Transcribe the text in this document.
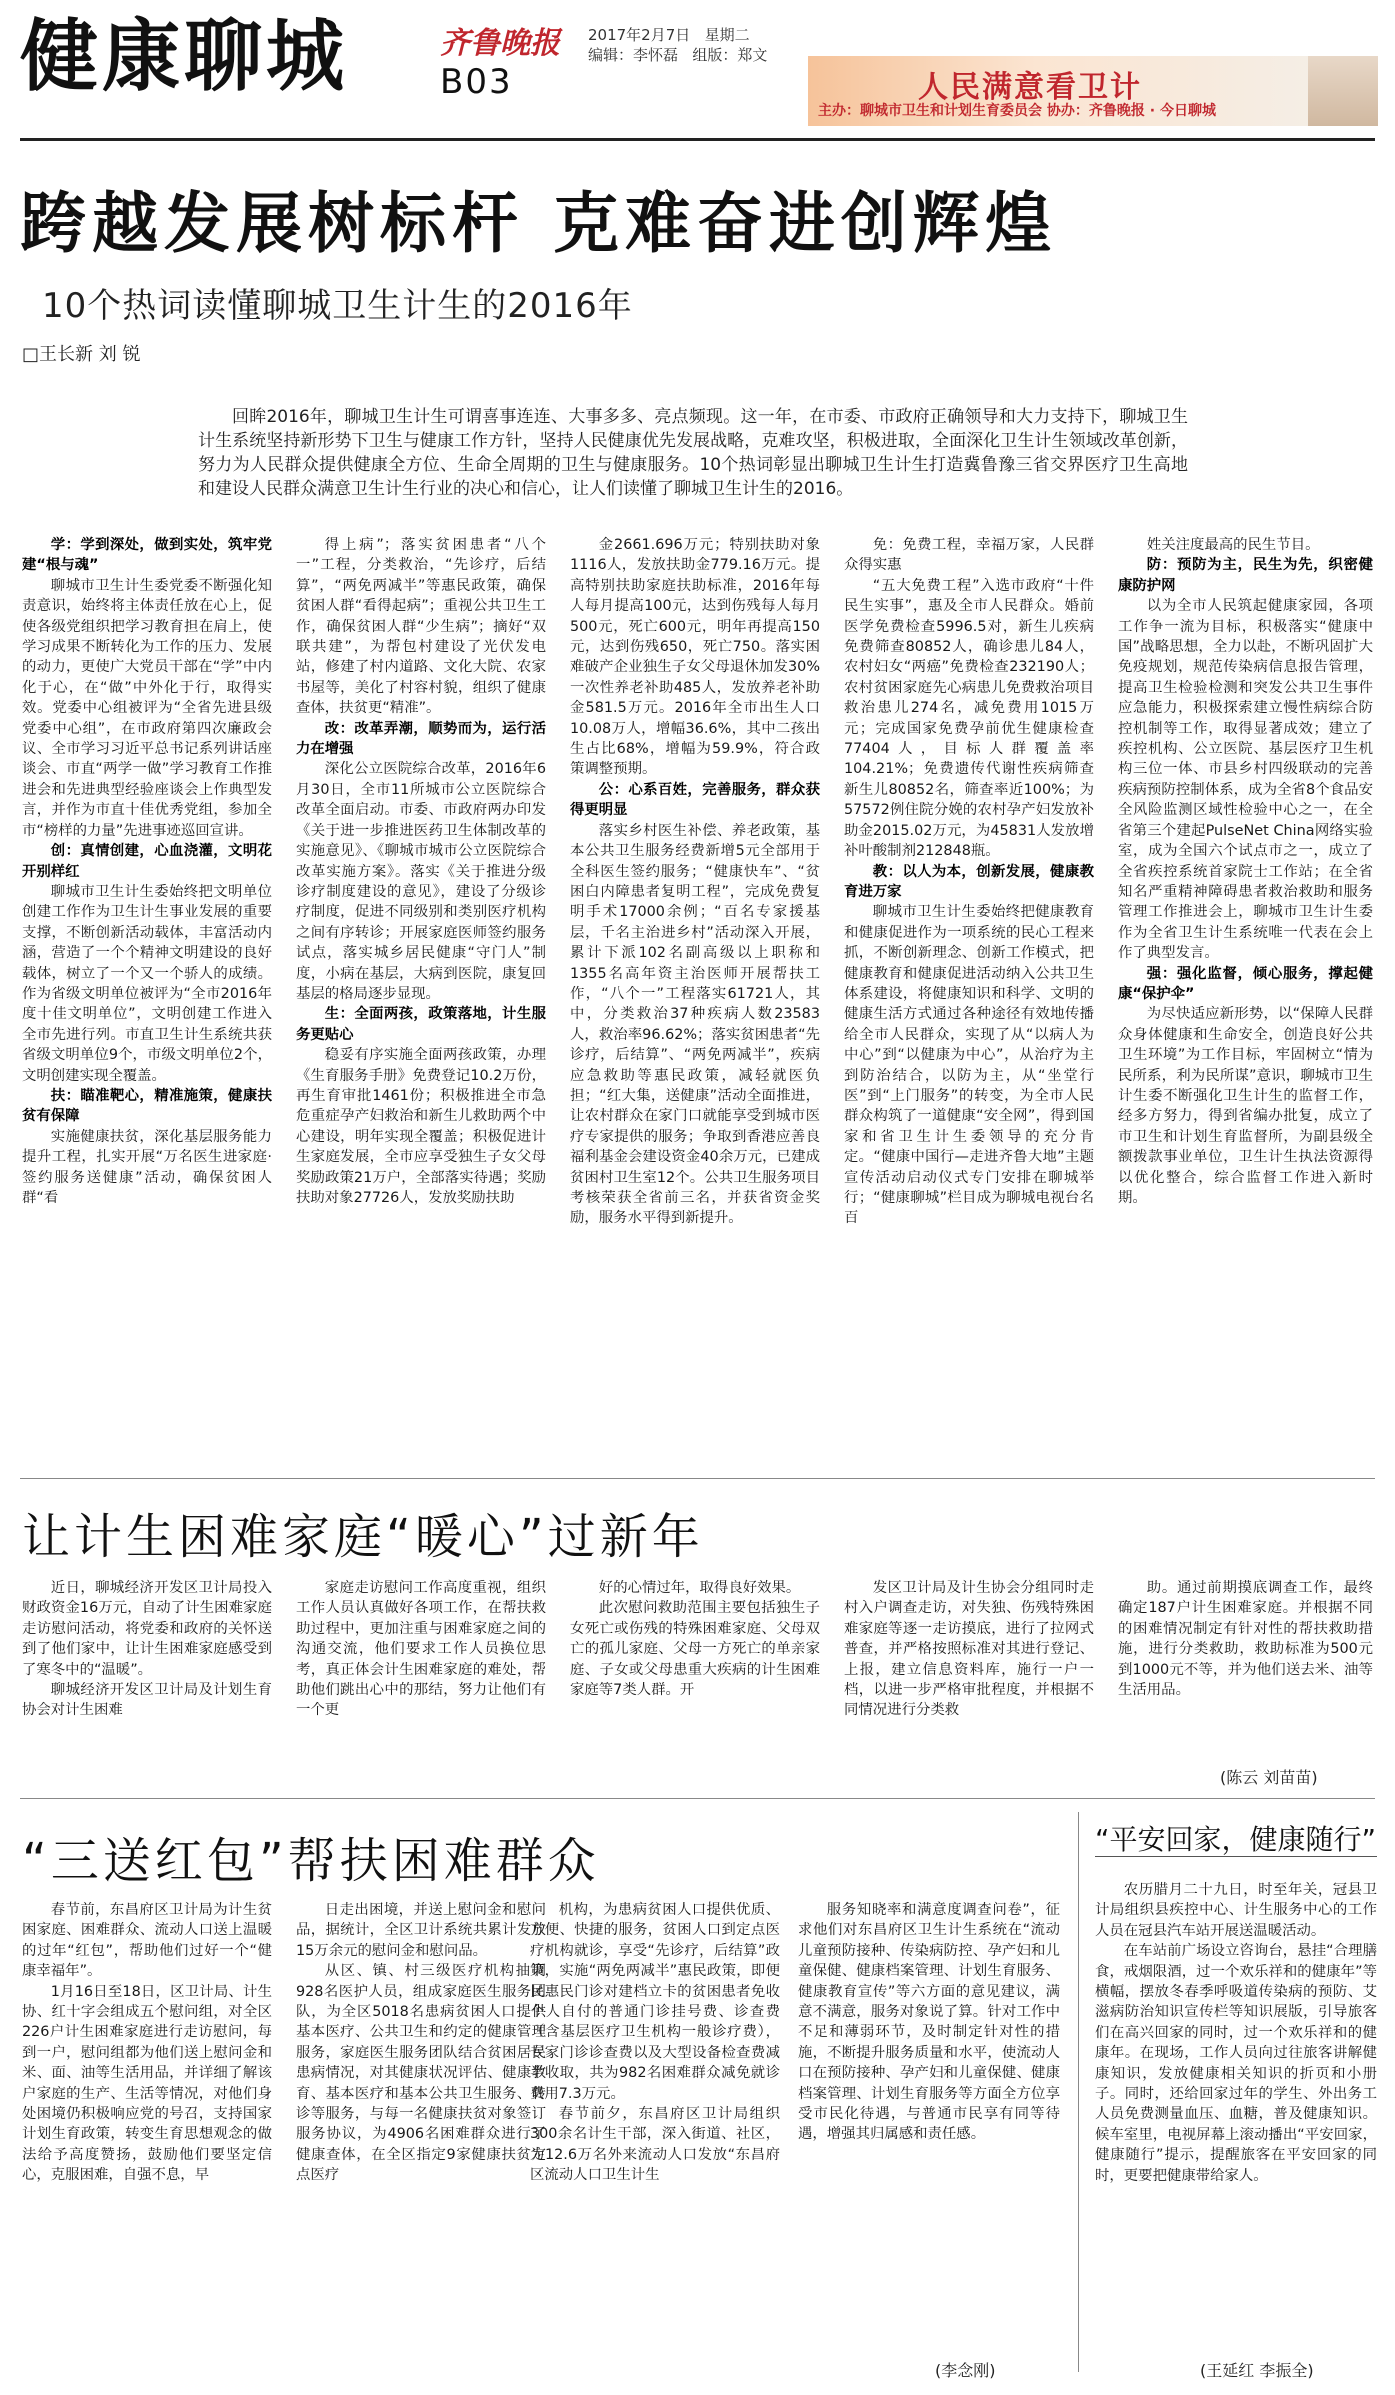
健康聊城	齐鲁晚报
B03
2017年2月7日 星期二
编辑：李怀磊 组版：郑文
人民满意看卫计
主办：聊城市卫生和计划生育委员会 协办：齐鲁晚报 · 今日聊城
跨越发展树标杆 克难奋进创辉煌
10个热词读懂聊城卫生计生的2016年
□王长新 刘 锐
回眸2016年，聊城卫生计生可谓喜事连连、大事多多、亮点频现。这一年，在市委、市政府正确领导和大力支持下，聊城卫生计生系统坚持新形势下卫生与健康工作方针，坚持人民健康优先发展战略，克难攻坚，积极进取，全面深化卫生计生领域改革创新，努力为人民群众提供健康全方位、生命全周期的卫生与健康服务。10个热词彰显出聊城卫生计生打造冀鲁豫三省交界医疗卫生高地和建设人民群众满意卫生计生行业的决心和信心，让人们读懂了聊城卫生计生的2016。

学：学到深处，做到实处，筑牢党建“根与魂”

聊城市卫生计生委党委不断强化知责意识，始终将主体责任放在心上，促使各级党组织把学习教育担在肩上，使学习成果不断转化为工作的压力、发展的动力，更使广大党员干部在“学”中内化于心，在“做”中外化于行，取得实效。党委中心组被评为“全省先进县级党委中心组”，在市政府第四次廉政会议、全市学习习近平总书记系列讲话座谈会、市直“两学一做”学习教育工作推进会和先进典型经验座谈会上作典型发言，并作为市直十佳优秀党组，参加全市“榜样的力量”先进事迹巡回宣讲。

创：真情创建，心血浇灌，文明花开别样红

聊城市卫生计生委始终把文明单位创建工作作为卫生计生事业发展的重要支撑，不断创新活动载体，丰富活动内涵，营造了一个个精神文明建设的良好载体，树立了一个又一个骄人的成绩。作为省级文明单位被评为“全市2016年度十佳文明单位”，文明创建工作进入全市先进行列。市直卫生计生系统共获省级文明单位9个，市级文明单位2个，文明创建实现全覆盖。

扶：瞄准靶心，精准施策，健康扶贫有保障

实施健康扶贫，深化基层服务能力提升工程，扎实开展“万名医生进家庭·签约服务送健康”活动，确保贫困人群“看

得上病”；落实贫困患者“八个一”工程，分类救治，“先诊疗，后结算”，“两免两减半”等惠民政策，确保贫困人群“看得起病”；重视公共卫生工作，确保贫困人群“少生病”；摘好“双联共建”，为帮包村建设了光伏发电站，修建了村内道路、文化大院、农家书屋等，美化了村容村貌，组织了健康查体，扶贫更“精准”。

改：改革弄潮，顺势而为，运行活力在增强

深化公立医院综合改革，2016年6月30日，全市11所城市公立医院综合改革全面启动。市委、市政府两办印发《关于进一步推进医药卫生体制改革的实施意见》、《聊城市城市公立医院综合改革实施方案》。落实《关于推进分级诊疗制度建设的意见》，建设了分级诊疗制度，促进不同级别和类别医疗机构之间有序转诊；开展家庭医师签约服务试点，落实城乡居民健康“守门人”制度，小病在基层，大病到医院，康复回基层的格局逐步显现。

生：全面两孩，政策落地，计生服务更贴心

稳妥有序实施全面两孩政策，办理《生育服务手册》免费登记10.2万份，再生育审批1461份；积极推进全市急危重症孕产妇救治和新生儿救助两个中心建设，明年实现全覆盖；积极促进计生家庭发展，全市应享受独生子女父母奖励政策21万户，全部落实待遇；奖励扶助对象27726人，发放奖励扶助

金2661.696万元；特别扶助对象1116人，发放扶助金779.16万元。提高特别扶助家庭扶助标准，2016年每人每月提高100元，达到伤残每人每月500元，死亡600元，明年再提高150元，达到伤残650，死亡750。落实困难破产企业独生子女父母退休加发30%一次性养老补助485人，发放养老补助金581.5万元。2016年全市出生人口10.08万人，增幅36.6%，其中二孩出生占比68%，增幅为59.9%，符合政策调整预期。

公：心系百姓，完善服务，群众获得更明显

落实乡村医生补偿、养老政策，基本公共卫生服务经费新增5元全部用于全科医生签约服务；“健康快车”、“贫困白内障患者复明工程”，完成免费复明手术17000余例；“百名专家援基层，千名主治进乡村”活动深入开展，累计下派102名副高级以上职称和1355名高年资主治医师开展帮扶工作，“八个一”工程落实61721人，其中，分类救治37种疾病人数23583人，救治率96.62%；落实贫困患者“先诊疗，后结算”、“两免两减半”，疾病应急救助等惠民政策，减轻就医负担；“红大集，送健康”活动全面推进，让农村群众在家门口就能享受到城市医疗专家提供的服务；争取到香港应善良福利基金会建设资金40余万元，已建成贫困村卫生室12个。公共卫生服务项目考核荣获全省前三名，并获省资金奖励，服务水平得到新提升。

免：免费工程，幸福万家，人民群众得实惠

“五大免费工程”入选市政府“十件民生实事”，惠及全市人民群众。婚前医学免费检查5996.5对，新生儿疾病免费筛查80852人，确诊患儿84人，农村妇女“两癌”免费检查232190人；农村贫困家庭先心病患儿免费救治项目救治患儿274名，减免费用1015万元；完成国家免费孕前优生健康检查77404人，目标人群覆盖率104.21%；免费遗传代谢性疾病筛查新生儿80852名，筛查率近100%；为57572例住院分娩的农村孕产妇发放补助金2015.02万元，为45831人发放增补叶酸制剂212848瓶。

教：以人为本，创新发展，健康教育进万家

聊城市卫生计生委始终把健康教育和健康促进作为一项系统的民心工程来抓，不断创新理念、创新工作模式，把健康教育和健康促进活动纳入公共卫生体系建设，将健康知识和科学、文明的健康生活方式通过各种途径有效地传播给全市人民群众，实现了从“以病人为中心”到“以健康为中心”，从治疗为主到防治结合，以防为主，从“坐堂行医”到“上门服务”的转变，为全市人民群众构筑了一道健康“安全网”，得到国家和省卫生计生委领导的充分肯定。“健康中国行—走进齐鲁大地”主题宣传活动启动仪式专门安排在聊城举行；“健康聊城”栏目成为聊城电视台名百

姓关注度最高的民生节目。

防：预防为主，民生为先，织密健康防护网

以为全市人民筑起健康家园，各项工作争一流为目标，积极落实“健康中国”战略思想，全力以赴，不断巩固扩大免疫规划，规范传染病信息报告管理，提高卫生检验检测和突发公共卫生事件应急能力，积极探索建立慢性病综合防控机制等工作，取得显著成效；建立了疾控机构、公立医院、基层医疗卫生机构三位一体、市县乡村四级联动的完善疾病预防控制体系，成为全省8个食品安全风险监测区域性检验中心之一，在全省第三个建起PulseNet China网络实验室，成为全国六个试点市之一，成立了全省疾控系统首家院士工作站；在全省知名严重精神障碍患者救治救助和服务管理工作推进会上，聊城市卫生计生委作为全省卫生计生系统唯一代表在会上作了典型发言。

强：强化监督，倾心服务，撑起健康“保护伞”

为尽快适应新形势，以“保障人民群众身体健康和生命安全，创造良好公共卫生环境”为工作目标，牢固树立“情为民所系，利为民所谋”意识，聊城市卫生计生委不断强化卫生计生的监督工作，经多方努力，得到省编办批复，成立了市卫生和计划生育监督所，为副县级全额拨款事业单位，卫生计生执法资源得以优化整合，综合监督工作进入新时期。

让计生困难家庭“暖心”过新年

近日，聊城经济开发区卫计局投入财政资金16万元，自动了计生困难家庭走访慰问活动，将党委和政府的关怀送到了他们家中，让计生困难家庭感受到了寒冬中的“温暖”。

聊城经济开发区卫计局及计划生育协会对计生困难

家庭走访慰问工作高度重视，组织工作人员认真做好各项工作，在帮扶救助过程中，更加注重与困难家庭之间的沟通交流，他们要求工作人员换位思考，真正体会计生困难家庭的难处，帮助他们跳出心中的那结，努力让他们有一个更

好的心情过年，取得良好效果。

此次慰问救助范围主要包括独生子女死亡或伤残的特殊困难家庭、父母双亡的孤儿家庭、父母一方死亡的单亲家庭、子女或父母患重大疾病的计生困难家庭等7类人群。开

发区卫计局及计生协会分组同时走村入户调查走访，对失独、伤残特殊困难家庭等逐一走访摸底，进行了拉网式普查，并严格按照标准对其进行登记、上报，建立信息资料库，施行一户一档，以进一步严格审批程度，并根据不同情况进行分类救

助。通过前期摸底调查工作，最终确定187户计生困难家庭。并根据不同的困难情况制定有针对性的帮扶救助措施，进行分类救助，救助标准为500元到1000元不等，并为他们送去米、油等生活用品。

(陈云 刘苗苗)
“三送红包”帮扶困难群众

春节前，东昌府区卫计局为计生贫困家庭、困难群众、流动人口送上温暖的过年“红包”，帮助他们过好一个“健康幸福年”。

1月16日至18日，区卫计局、计生协、红十字会组成五个慰问组，对全区226户计生困难家庭进行走访慰问，每到一户，慰问组都为他们送上慰问金和米、面、油等生活用品，并详细了解该户家庭的生产、生活等情况，对他们身处困境仍积极响应党的号召，支持国家计划生育政策，转变生育思想观念的做法给予高度赞扬，鼓励他们要坚定信心，克服困难，自强不息，早

日走出困境，并送上慰问金和慰问品，据统计，全区卫计系统共累计发放15万余元的慰问金和慰问品。

从区、镇、村三级医疗机构抽调928名医护人员，组成家庭医生服务团队，为全区5018名患病贫困人口提供基本医疗、公共卫生和约定的健康管理服务，家庭医生服务团队结合贫困居民患病情况，对其健康状况评估、健康教育、基本医疗和基本公共卫生服务、转诊等服务，与每一名健康扶贫对象签订服务协议，为4906名困难群众进行了健康查体，在全区指定9家健康扶贫定点医疗

机构，为患病贫困人口提供优质、方便、快捷的服务，贫困人口到定点医疗机构就诊，享受“先诊疗，后结算”政策，实施“两免两减半”惠民政策，即便民惠民门诊对建档立卡的贫困患者免收个人自付的普通门诊挂号费、诊查费（含基层医疗卫生机构一般诊疗费），专家门诊诊查费以及大型设备检查费减半收取，共为982名困难群众减免就诊费用7.3万元。

春节前夕，东昌府区卫计局组织300余名计生干部，深入街道、社区，为12.6万名外来流动人口发放“东昌府区流动人口卫生计生

服务知晓率和满意度调查问卷”，征求他们对东昌府区卫生计生系统在“流动儿童预防接种、传染病防控、孕产妇和儿童保健、健康档案管理、计划生育服务、健康教育宣传”等六方面的意见建议，满意不满意，服务对象说了算。针对工作中不足和薄弱环节，及时制定针对性的措施，不断提升服务质量和水平，使流动人口在预防接种、孕产妇和儿童保健、健康档案管理、计划生育服务等方面全方位享受市民化待遇，与普通市民享有同等待遇，增强其归属感和责任感。

(李念刚)
“平安回家，健康随行”

农历腊月二十九日，时至年关，冠县卫计局组织县疾控中心、计生服务中心的工作人员在冠县汽车站开展送温暖活动。

在车站前广场设立咨询台，悬挂“合理膳食，戒烟限酒，过一个欢乐祥和的健康年”等横幅，摆放冬春季呼吸道传染病的预防、艾滋病防治知识宣传栏等知识展版，引导旅客们在高兴回家的同时，过一个欢乐祥和的健康年。在现场，工作人员向过往旅客讲解健康知识，发放健康相关知识的折页和小册子。同时，还给回家过年的学生、外出务工人员免费测量血压、血糖，普及健康知识。候车室里，电视屏幕上滚动播出“平安回家，健康随行”提示，提醒旅客在平安回家的同时，更要把健康带给家人。

(王延红 李振全)
